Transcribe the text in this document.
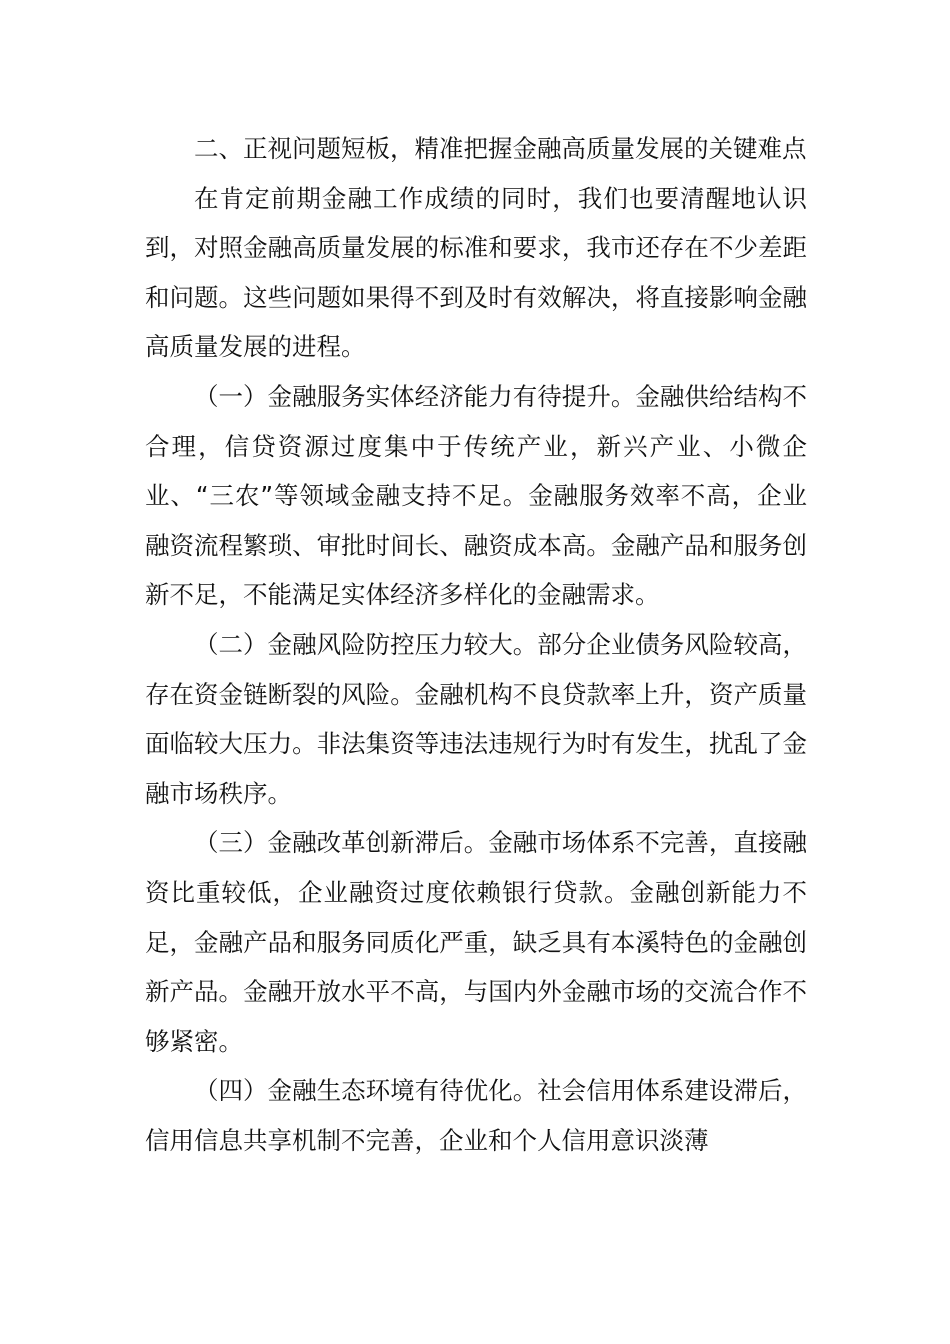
二、正视问题短板，精准把握金融高质量发展的关键难点

在肯定前期金融工作成绩的同时，我们也要清醒地认识到，对照金融高质量发展的标准和要求，我市还存在不少差距和问题。这些问题如果得不到及时有效解决，将直接影响金融高质量发展的进程。

（一）金融服务实体经济能力有待提升。金融供给结构不合理，信贷资源过度集中于传统产业，新兴产业、小微企业、“三农”等领域金融支持不足。金融服务效率不高，企业融资流程繁琐、审批时间长、融资成本高。金融产品和服务创新不足，不能满足实体经济多样化的金融需求。

（二）金融风险防控压力较大。部分企业债务风险较高，存在资金链断裂的风险。金融机构不良贷款率上升，资产质量面临较大压力。非法集资等违法违规行为时有发生，扰乱了金融市场秩序。

（三）金融改革创新滞后。金融市场体系不完善，直接融资比重较低，企业融资过度依赖银行贷款。金融创新能力不足，金融产品和服务同质化严重，缺乏具有本溪特色的金融创新产品。金融开放水平不高，与国内外金融市场的交流合作不够紧密。

（四）金融生态环境有待优化。社会信用体系建设滞后，信用信息共享机制不完善，企业和个人信用意识淡薄
